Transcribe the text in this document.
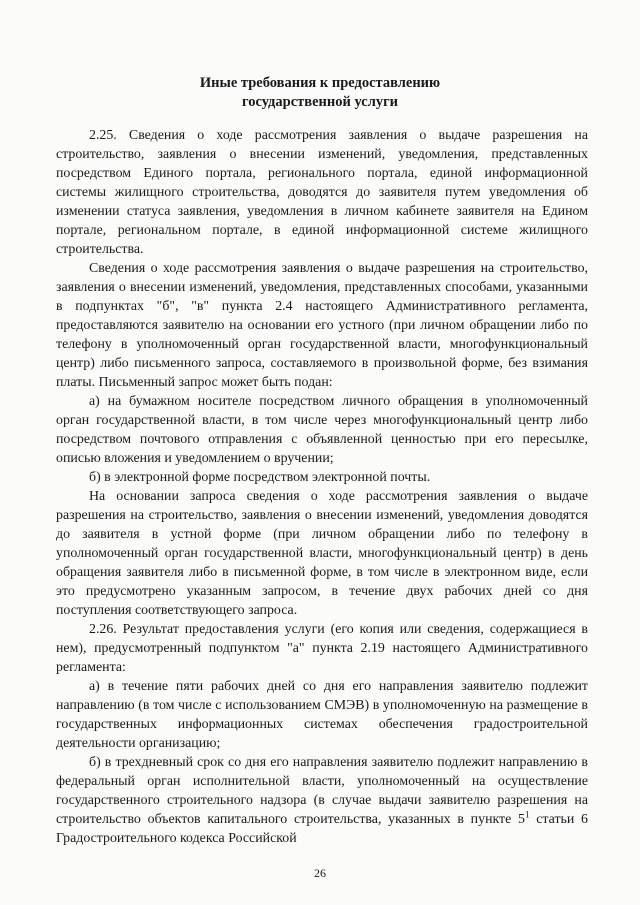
Иные требования к предоставлению
государственной услуги

2.25. Сведения о ходе рассмотрения заявления о выдаче разрешения на строительство, заявления о внесении изменений, уведомления, представленных посредством Единого портала, регионального портала, единой информационной системы жилищного строительства, доводятся до заявителя путем уведомления об изменении статуса заявления, уведомления в личном кабинете заявителя на Едином портале, региональном портале, в единой информационной системе жилищного строительства.

Сведения о ходе рассмотрения заявления о выдаче разрешения на строительство, заявления о внесении изменений, уведомления, представленных способами, указанными в подпунктах "б", "в" пункта 2.4 настоящего Административного регламента, предоставляются заявителю на основании его устного (при личном обращении либо по телефону в уполномоченный орган государственной власти, многофункциональный центр) либо письменного запроса, составляемого в произвольной форме, без взимания платы. Письменный запрос может быть подан:

а) на бумажном носителе посредством личного обращения в уполномоченный орган государственной власти, в том числе через многофункциональный центр либо посредством почтового отправления с объявленной ценностью при его пересылке, описью вложения и уведомлением о вручении;

б) в электронной форме посредством электронной почты.

На основании запроса сведения о ходе рассмотрения заявления о выдаче разрешения на строительство, заявления о внесении изменений, уведомления доводятся до заявителя в устной форме (при личном обращении либо по телефону в уполномоченный орган государственной власти, многофункциональный центр) в день обращения заявителя либо в письменной форме, в том числе в электронном виде, если это предусмотрено указанным запросом, в течение двух рабочих дней со дня поступления соответствующего запроса.

2.26. Результат предоставления услуги (его копия или сведения, содержащиеся в нем), предусмотренный подпунктом "а" пункта 2.19 настоящего Административного регламента:

а) в течение пяти рабочих дней со дня его направления заявителю подлежит направлению (в том числе с использованием СМЭВ) в уполномоченную на размещение в государственных информационных системах обеспечения градостроительной деятельности организацию;

б) в трехдневный срок со дня его направления заявителю подлежит направлению в федеральный орган исполнительной власти, уполномоченный на осуществление государственного строительного надзора (в случае выдачи заявителю разрешения на строительство объектов капитального строительства, указанных в пункте $5^1$ статьи 6 Градостроительного кодекса Российской

26
